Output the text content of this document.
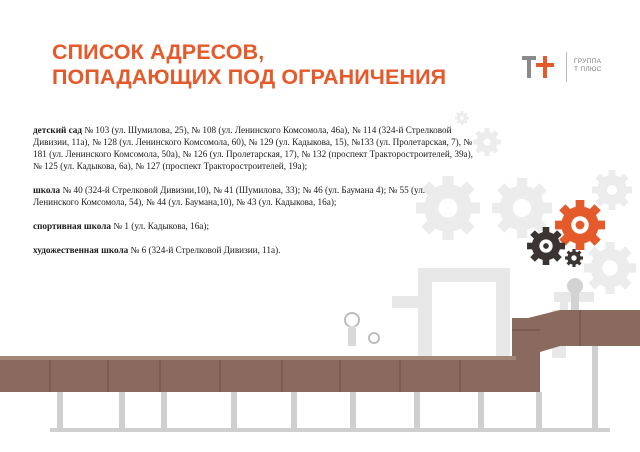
СПИСОК АДРЕСОВ,
ПОПАДАЮЩИХ ПОД ОГРАНИЧЕНИЯ
ГРУППА
Т ПЛЮС

детский сад № 103 (ул. Шумилова, 25), № 108 (ул. Ленинского Комсомола, 46а), № 114 (324-й Стрелковой Дивизии, 11а), № 128 (ул. Ленинского Комсомола, 60), № 129 (ул. Кадыкова, 15), №133 (ул. Пролетарская, 7), № 181 (ул. Ленинского Комсомола, 50а), № 126 (ул. Пролетарская, 17), № 132 (проспект Тракторостроителей, 39а), № 125 (ул. Кадыкова, 6а), № 127 (проспект Тракторостроителей, 19а);

школа № 40 (324-й Стрелковой Дивизии,10), № 41 (Шумилова, 33); № 46 (ул. Баумана 4); № 55 (ул. Ленинского Комсомола, 54), № 44 (ул. Баумана,10), № 43 (ул. Кадыкова, 16а);

спортивная школа № 1 (ул. Кадыкова, 16а);

художественная школа № 6 (324-й Стрелковой Дивизии, 11а).
